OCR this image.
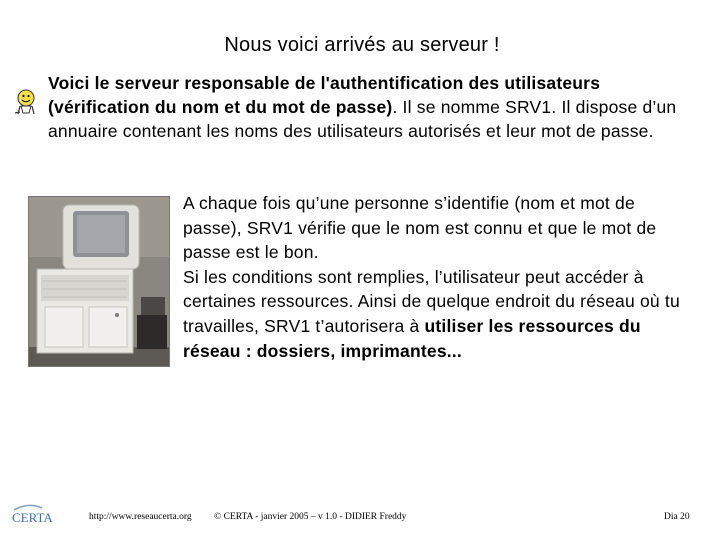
Nous voici arrivés au serveur !
Voici le serveur responsable de l'authentification des utilisateurs (vérification du nom et du mot de passe). Il se nomme SRV1. Il dispose d’un annuaire contenant les noms des utilisateurs autorisés et leur mot de passe.
A chaque fois qu’une personne s’identifie (nom et mot de passe), SRV1 vérifie que le nom est connu et que le mot de passe est le bon.
Si les conditions sont remplies, l’utilisateur peut accéder à certaines ressources. Ainsi de quelque endroit du réseau où tu travailles, SRV1 t’autorisera à utiliser les ressources du réseau : dossiers, imprimantes...
CERTA	http://www.reseaucerta.org © CERTA - janvier 2005 – v 1.0 - DIDIER Freddy	Dia 20
